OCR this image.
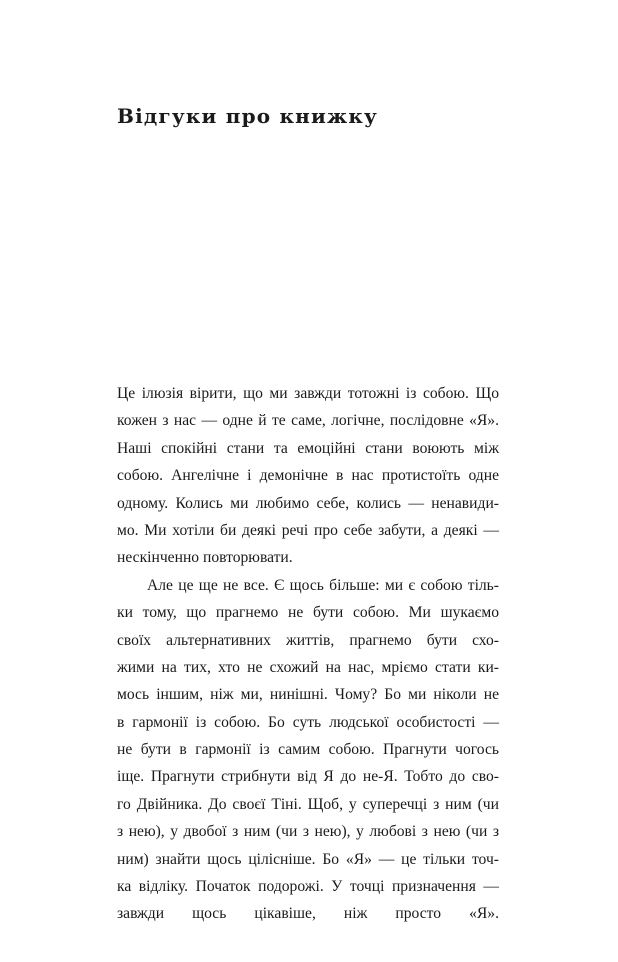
Відгуки про книжку
Це ілюзія вірити, що ми завжди тотожні із собою. Що
кожен з нас — одне й те саме, логічне, послідовне «Я».
Наші спокійні стани та емоційні стани воюють між
собою. Ангелічне і демонічне в нас протистоїть одне
одному. Колись ми любимо себе, колись — ненавиди-
мо. Ми хотіли би деякі речі про себе забути, а деякі —
нескінченно повторювати.
Але це ще не все. Є щось більше: ми є собою тіль-
ки тому, що прагнемо не бути собою. Ми шукаємо
своїх альтернативних життів, прагнемо бути схо-
жими на тих, хто не схожий на нас, мріємо стати ки-
мось іншим, ніж ми, нинішні. Чому? Бо ми ніколи не
в гармонії із собою. Бо суть людської особистості —
не бути в гармонії із самим собою. Прагнути чогось
іще. Прагнути стрибнути від Я до не-Я. Тобто до сво-
го Двійника. До своєї Тіні. Щоб, у суперечці з ним (чи
з нею), у двобої з ним (чи з нею), у любові з нею (чи з
ним) знайти щось цілісніше. Бо «Я» — це тільки точ-
ка відліку. Початок подорожі. У точці призначення —
завжди щось цікавіше, ніж просто «Я».
